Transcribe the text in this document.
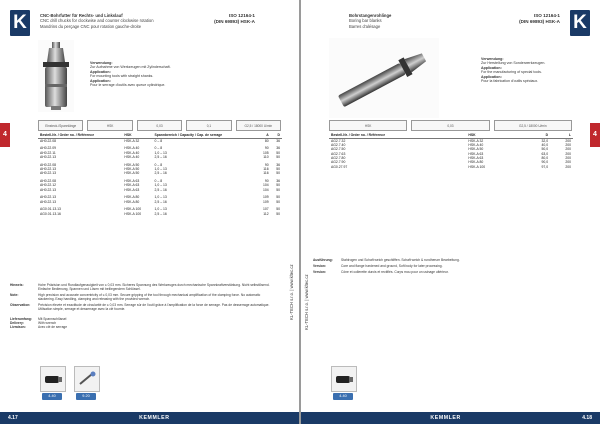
K	CNC-Bohrfutter für Rechts- und Linkslauf
CNC drill chucks for clockwise and counter clockwise rotation
Mandrins du perçage CNC pour rotation gauche-droite
ISO 12164-1
(DIN 69893) HSK-A
Verwendung:
Zur Aufnahme von Werkzeugen mit Zylinderschaft.
Application:
For mounting tools with straight shanks.
Application:
Pour le serrage d'outils avec queue cylindrique.
Einsteck-/Spannlänge	HSK	0,03	0,1	G2,5 / 18000 U/min
Bestell-Nr. / Order no. / Référence	HSK	Spannbereich / Capacity / Cap. de serrage	A	D
AH0.22.08	HSK-A 32	0 – 8	80	36

AH0.22.09	HSK-A 40	0 – 8	90	36
AH0.22.11	HSK-A 40	1,0 – 13	105	50
AH0.22.13	HSK-A 40	2,5 – 16	110	50

AH0.22.08	HSK-A 50	0 – 8	90	36
AH0.22.13	HSK-A 50	1,0 – 13	116	50
AH0.22.13	HSK-A 50	2,5 – 16	116	50

AH0.22.08	HSK-A 63	0 – 8	90	36
AH0.22.12	HSK-A 63	1,0 – 13	104	50
AH0.22.13	HSK-A 63	2,5 – 16	104	50

AH0.22.13	HSK-A 80	1,0 – 13	109	50
AH0.22.13	HSK-A 80	2,5 – 16	109	50

AG0.01.13.13	HSK-A 100	1,0 – 13	107	50
AG0.01.13.16	HSK-A 100	2,5 – 16	112	50
Hinweis:	Hohe Präzision und Rundlaufgenauigkeit von ≤ 0,03 mm. Sicheres Spannung des Werkzeuges durch mechanische Spannkraftverstärkung. Nicht selbstlösend. Einfache Bedienung, Spannen und Lösen mit beiliegendem Schlüssel.
Note:	High precision and accurate concentricity of ≤ 0,03 mm. Secure gripping of the tool through mechanical amplification of the clamping force. No automatic slackening. Easy handling, clamping and releasing with the provided wrench.
Observation:	Précision élevée et exactitude de circularité de ≤ 0,03 mm. Serrage sûr de l'outil grâce à l'amplification de la force de serrage. Pas de desserrage automatique. Utilisation simple, serrage et desserrage avec la clé fournie.
Lieferumfang:
Delivery:
Livraison:
Mit Spannschlüssel
With wrench
Avec clé de serrage
4.40	9.20
KL-TECH s.r.o. | www.kltec.cz
4.17	KEMMLER
4
Bohrstangenrohlinge
Boring bar blanks
Barres d'alésage
ISO 12164-1
(DIN 69893) HSK-A K
Verwendung:
Zur Herstellung von Sonderwerkzeugen.
Application:
For the manufacturing of special tools.
Application:
Pour la fabrication d'outils spéciaux.
HSK	0,03	G2,5 / 18000 U/min
Bestell-Nr. / Order no. / Référence	HSK		D	L
AG2.7.32	HSK-A 32		32,0	200
AG2.7.40	HSK-A 40		40,0	200
AG2.7.50	HSK-A 50		50,0	200
AG2.7.63	HSK-A 63		63,0	200
AG2.7.80	HSK-A 63		80,0	200
AG2.7.90	HSK-A 80		90,0	200
AG0.27.97	HSK-A 100		97,0	200
Ausführung:	Stahlrogen und Schaft weich geschliffen. Schaft weich & rundherum Bearbeitung.
Version:	Core and flange hardened and ground, Soft body for later processing.
Version:	Cône et collerette durcis et rectifiés. Corps mou pour un usinage ultérieur.
4.40
KL-TECH s.r.o. | www.kltec.cz
KEMMLER	4.18
4
